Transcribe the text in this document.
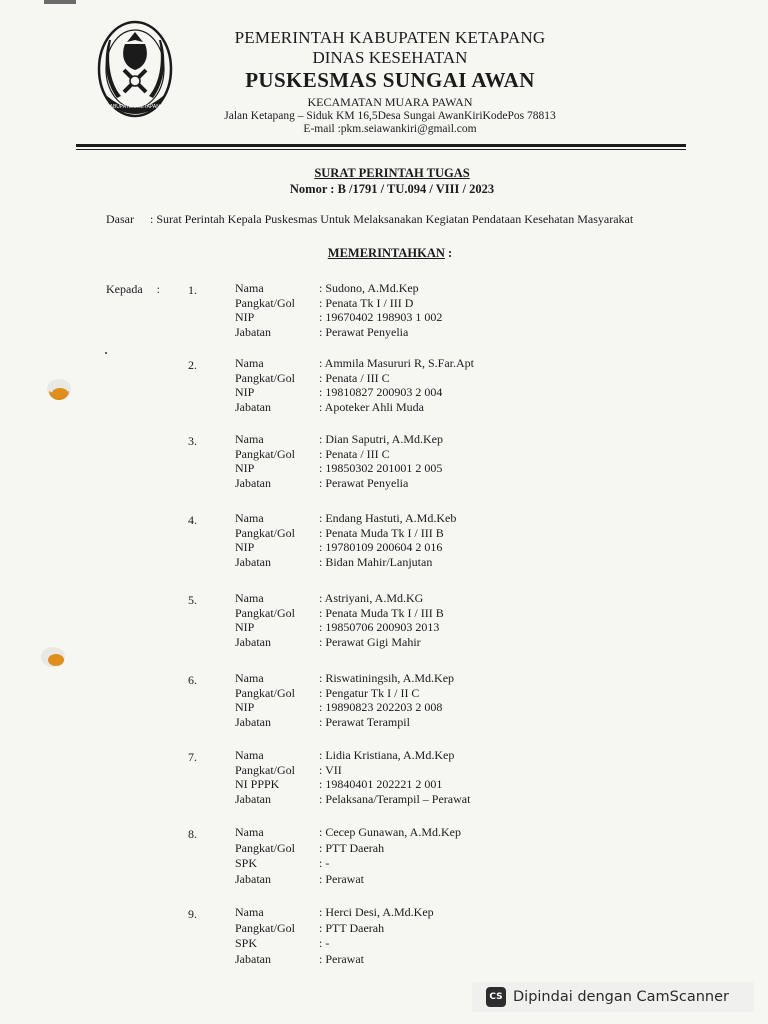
KABUPATEN KETAPANG
PEMERINTAH KABUPATEN KETAPANG
DINAS KESEHATAN
PUSKESMAS SUNGAI AWAN
KECAMATAN MUARA PAWAN
Jalan Ketapang – Siduk KM 16,5Desa Sungai AwanKiriKodePos 78813
E-mail :pkm.seiawankiri@gmail.com
SURAT PERINTAH TUGAS
Nomor : B /1791 / TU.094 / VIII / 2023
Dasar : Surat Perintah Kepala Puskesmas Untuk Melaksanakan Kegiatan Pendataan Kesehatan Masyarakat
MEMERINTAHKAN :
Kepada : 1.	Nama	: Sudono, A.Md.Kep
Pangkat/Gol	: Penata Tk I / III D
NIP	: 19670402 198903 1 002
Jabatan	: Perawat Penyelia
2.	Nama	: Ammila Masururi R, S.Far.Apt
Pangkat/Gol	: Penata / III C
NIP	: 19810827 200903 2 004
Jabatan	: Apoteker Ahli Muda
3.	Nama	: Dian Saputri, A.Md.Kep
Pangkat/Gol	: Penata / III C
NIP	: 19850302 201001 2 005
Jabatan	: Perawat Penyelia
4.	Nama	: Endang Hastuti, A.Md.Keb
Pangkat/Gol	: Penata Muda Tk I / III B
NIP	: 19780109 200604 2 016
Jabatan	: Bidan Mahir/Lanjutan
5.	Nama	: Astriyani, A.Md.KG
Pangkat/Gol	: Penata Muda Tk I / III B
NIP	: 19850706 200903 2013
Jabatan	: Perawat Gigi Mahir
6.	Nama	: Riswatiningsih, A.Md.Kep
Pangkat/Gol	: Pengatur Tk I / II C
NIP	: 19890823 202203 2 008
Jabatan	: Perawat Terampil
7.	Nama	: Lidia Kristiana, A.Md.Kep
Pangkat/Gol	: VII
NI PPPK	: 19840401 202221 2 001
Jabatan	: Pelaksana/Terampil – Perawat
8.	Nama	: Cecep Gunawan, A.Md.Kep
Pangkat/Gol	: PTT Daerah
SPK	: -
Jabatan	: Perawat
9.	Nama	: Herci Desi, A.Md.Kep
Pangkat/Gol	: PTT Daerah
SPK	: -
Jabatan	: Perawat
CS Dipindai dengan CamScanner
